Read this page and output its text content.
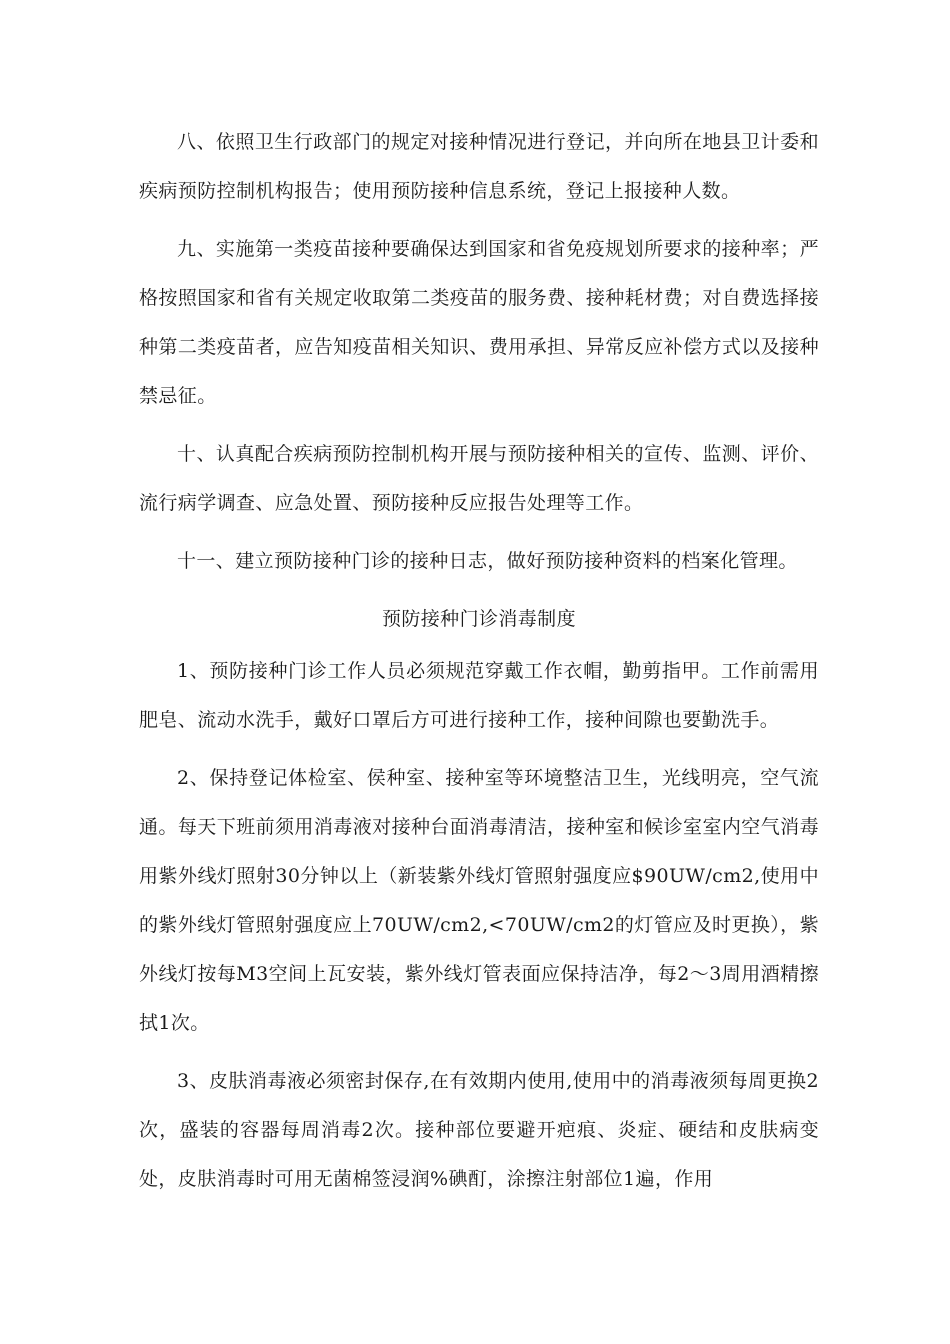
八、依照卫生行政部门的规定对接种情况进行登记，并向所在地县卫计委和疾病预防控制机构报告；使用预防接种信息系统，登记上报接种人数。

九、实施第一类疫苗接种要确保达到国家和省免疫规划所要求的接种率；严格按照国家和省有关规定收取第二类疫苗的服务费、接种耗材费；对自费选择接种第二类疫苗者，应告知疫苗相关知识、费用承担、异常反应补偿方式以及接种禁忌征。

十、认真配合疾病预防控制机构开展与预防接种相关的宣传、监测、评价、流行病学调查、应急处置、预防接种反应报告处理等工作。

十一、建立预防接种门诊的接种日志，做好预防接种资料的档案化管理。

预防接种门诊消毒制度

1、预防接种门诊工作人员必须规范穿戴工作衣帽，勤剪指甲。工作前需用肥皂、流动水洗手，戴好口罩后方可进行接种工作，接种间隙也要勤洗手。

2、保持登记体检室、侯种室、接种室等环境整洁卫生，光线明亮，空气流通。每天下班前须用消毒液对接种台面消毒清洁，接种室和候诊室室内空气消毒用紫外线灯照射30分钟以上（新装紫外线灯管照射强度应$90UW/cm2,使用中的紫外线灯管照射强度应上70UW/cm2,<70UW/cm2的灯管应及时更换），紫外线灯按每M3空间上瓦安装，紫外线灯管表面应保持洁净，每2〜3周用酒精擦拭1次。

3、皮肤消毒液必须密封保存,在有效期内使用,使用中的消毒液须每周更换2次，盛装的容器每周消毒2次。接种部位要避开疤痕、炎症、硬结和皮肤病变处，皮肤消毒时可用无菌棉签浸润%碘酊，涂擦注射部位1遍，作用
